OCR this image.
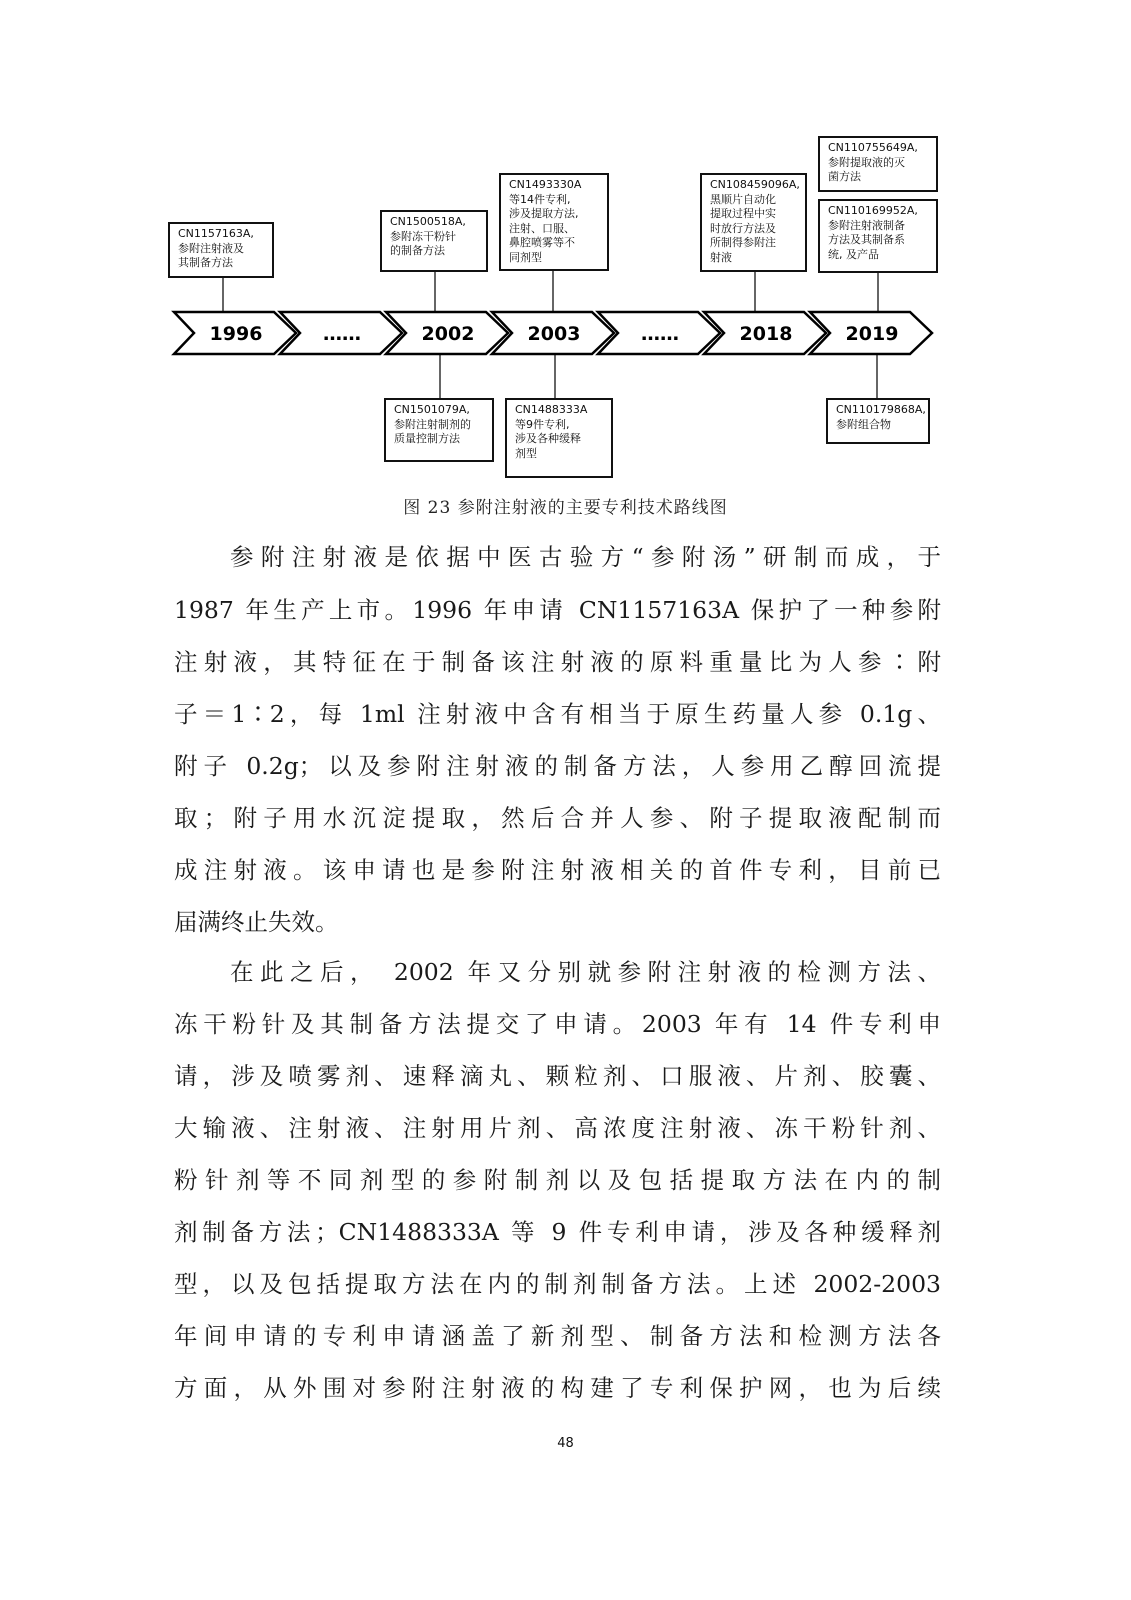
1996	……	2002	2003	……	2018	2019
CN1157163A,
参附注射液及
其制备方法
CN1500518A,
参附冻干粉针
的制备方法
CN1493330A
等14件专利,
涉及提取方法,
注射、口服、
鼻腔喷雾等不
同剂型
CN108459096A,
黑顺片自动化
提取过程中实
时放行方法及
所制得参附注
射液
CN110755649A,
参附提取液的灭
菌方法
CN110169952A,
参附注射液制备
方法及其制备系
统, 及产品
CN1501079A,
参附注射制剂的
质量控制方法
CN1488333A
等9件专利,
涉及各种缓释
剂型
CN110179868A,
参附组合物
图 23 参附注射液的主要专利技术路线图
参附注射液是依据中医古验方“参附汤”研制而成，于
1987 年生产上市。1996 年申请 CN1157163A 保护了一种参附
注射液，其特征在于制备该注射液的原料重量比为人参∶附
子＝1∶2，每 1ml 注射液中含有相当于原生药量人参 0.1g、
附子 0.2g；以及参附注射液的制备方法，人参用乙醇回流提
取；附子用水沉淀提取，然后合并人参、附子提取液配制而
成注射液。该申请也是参附注射液相关的首件专利，目前已
届满终止失效。
在此之后， 2002 年又分别就参附注射液的检测方法、
冻干粉针及其制备方法提交了申请。2003 年有 14 件专利申
请，涉及喷雾剂、速释滴丸、颗粒剂、口服液、片剂、胶囊、
大输液、注射液、注射用片剂、高浓度注射液、冻干粉针剂、
粉针剂等不同剂型的参附制剂以及包括提取方法在内的制
剂制备方法；CN1488333A 等 9 件专利申请，涉及各种缓释剂
型，以及包括提取方法在内的制剂制备方法。上述 2002-2003
年间申请的专利申请涵盖了新剂型、制备方法和检测方法各
方面，从外围对参附注射液的构建了专利保护网，也为后续
48
